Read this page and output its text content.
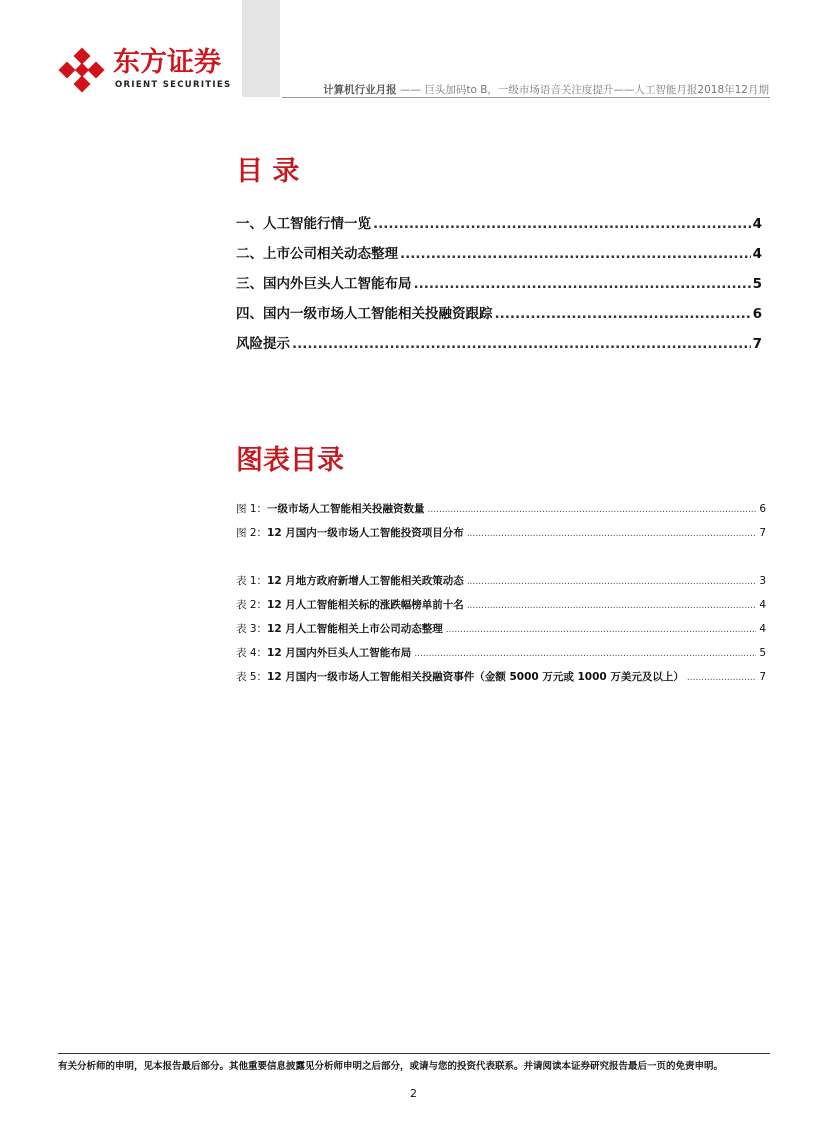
东方证券
ORIENT SECURITIES	计算机行业月报 —— 巨头加码to B，一级市场语音关注度提升——人工智能月报2018年12月期
目 录
一、人工智能行情一览 .....	4
二、上市公司相关动态整理 .....	4
三、国内外巨头人工智能布局 .....	5
四、国内一级市场人工智能相关投融资跟踪 .....	6
风险提示 .....	7
图表目录
图 1： 一级市场人工智能相关投融资数量 .....	6
图 2： 12 月国内一级市场人工智能投资项目分布 .....	7
表 1： 12 月地方政府新增人工智能相关政策动态 .....	3
表 2： 12 月人工智能相关标的涨跌幅榜单前十名 .....	4
表 3： 12 月人工智能相关上市公司动态整理 .....	4
表 4： 12 月国内外巨头人工智能布局 .....	5
表 5： 12 月国内一级市场人工智能相关投融资事件（金额 5000 万元或 1000 万美元及以上） .....	7
有关分析师的申明，见本报告最后部分。其他重要信息披露见分析师申明之后部分，或请与您的投资代表联系。并请阅读本证券研究报告最后一页的免责申明。
2
